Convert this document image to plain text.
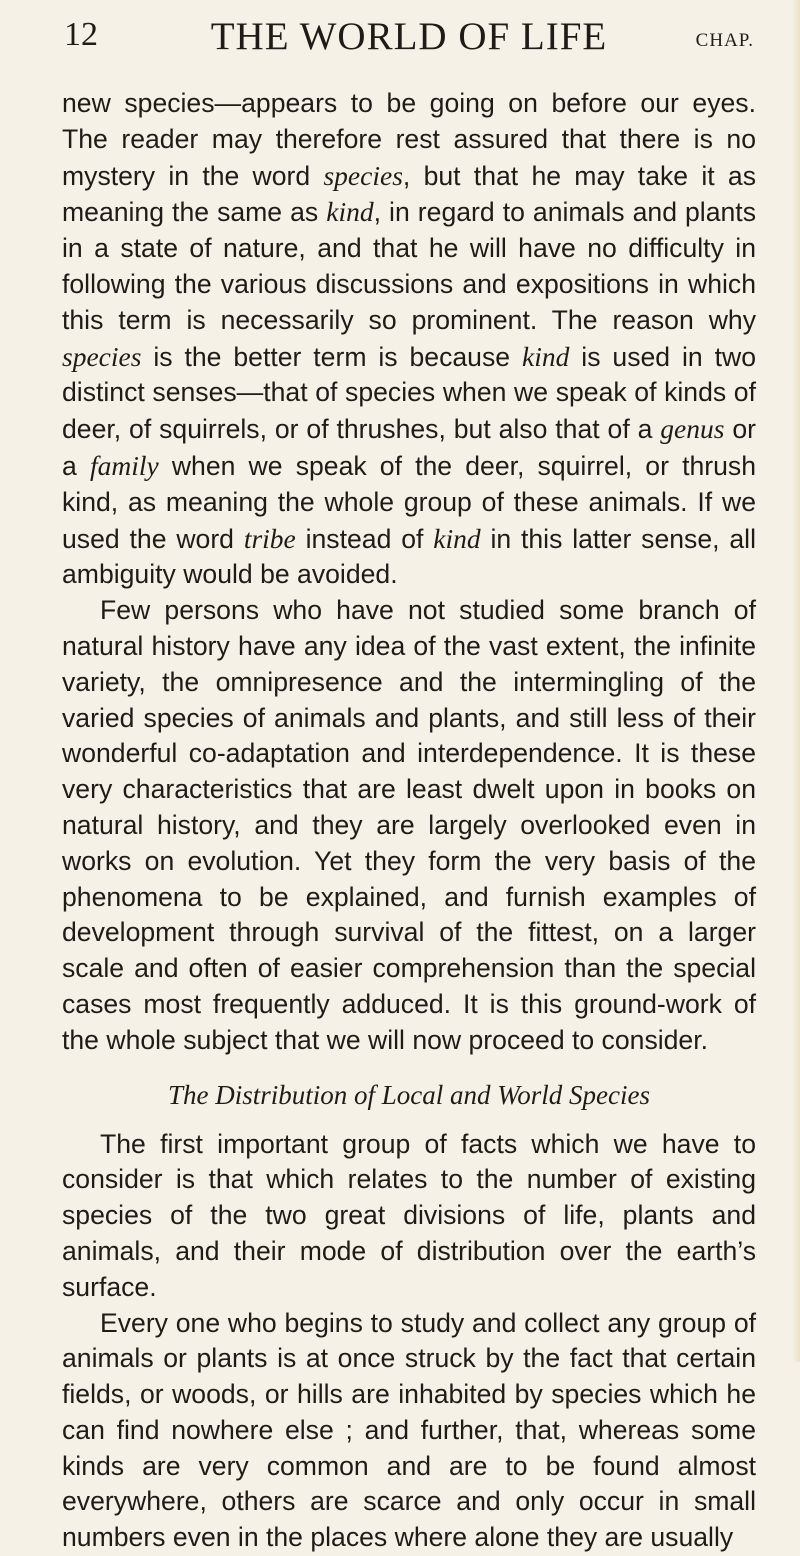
12	THE WORLD OF LIFE	CHAP.

new species—appears to be going on before our eyes. The reader may therefore rest assured that there is no mystery in the word species, but that he may take it as meaning the same as kind, in regard to animals and plants in a state of nature, and that he will have no difficulty in following the various discussions and expositions in which this term is necessarily so prominent. The reason why species is the better term is because kind is used in two distinct senses—that of species when we speak of kinds of deer, of squirrels, or of thrushes, but also that of a genus or a family when we speak of the deer, squirrel, or thrush kind, as meaning the whole group of these animals. If we used the word tribe instead of kind in this latter sense, all ambiguity would be avoided.

Few persons who have not studied some branch of natural history have any idea of the vast extent, the infinite variety, the omnipresence and the intermingling of the varied species of animals and plants, and still less of their wonderful co-adaptation and interdependence. It is these very characteristics that are least dwelt upon in books on natural history, and they are largely overlooked even in works on evolution. Yet they form the very basis of the phenomena to be explained, and furnish examples of development through survival of the fittest, on a larger scale and often of easier comprehension than the special cases most frequently adduced. It is this ground-work of the whole subject that we will now proceed to consider.

The Distribution of Local and World Species

The first important group of facts which we have to consider is that which relates to the number of existing species of the two great divisions of life, plants and animals, and their mode of distribution over the earth’s surface.

Every one who begins to study and collect any group of animals or plants is at once struck by the fact that certain fields, or woods, or hills are inhabited by species which he can find nowhere else ; and further, that, whereas some kinds are very common and are to be found almost everywhere, others are scarce and only occur in small numbers even in the places where alone they are usually
